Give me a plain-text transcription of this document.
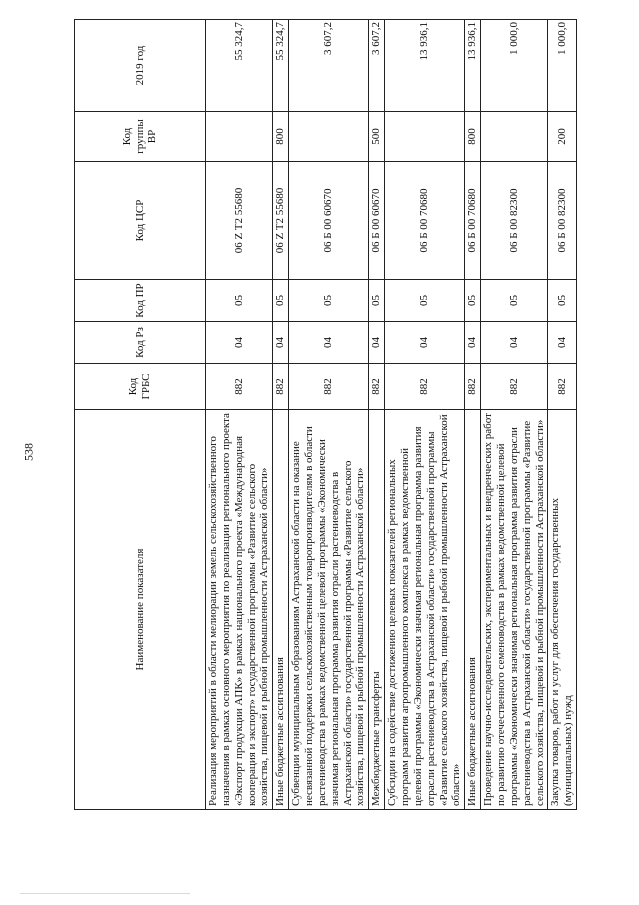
538
Наименование показателя	Код ГРБС	Код Рз	Код ПР	Код ЦСР	Код группы ВР	2019 год
Реализация мероприятий в области мелиорации земель сельскохозяйственного назначения в рамках основного мероприятия по реализации регионального проекта «Экспорт продукции АПК» в рамках национального проекта «Международная кооперация и экспорт» государственной программы «Развитие сельского хозяйства, пищевой и рыбной промышленности Астраханской области»	882	04	05	06 Z T2 55680		55 324,7
Иные бюджетные ассигнования	882	04	05	06 Z T2 55680	800	55 324,7
Субвенции муниципальным образованиям Астраханской области на оказание несвязанной поддержки сельскохозяйственным товаропроизводителям в области растениеводства в рамках ведомственной целевой программы «Экономически значимая региональная программа развития отрасли растениеводства в Астраханской области» государственной программы «Развитие сельского хозяйства, пищевой и рыбной промышленности Астраханской области»	882	04	05	06 Б 00 60670		3 607,2
Межбюджетные трансферты	882	04	05	06 Б 00 60670	500	3 607,2
Субсидии на содействие достижению целевых показателей региональных программ развития агропромышленного комплекса в рамках ведомственной целевой программы «Экономически значимая региональная программа развития отрасли растениеводства в Астраханской области» государственной программы «Развитие сельского хозяйства, пищевой и рыбной промышленности Астраханской области»	882	04	05	06 Б 00 70680		13 936,1
Иные бюджетные ассигнования	882	04	05	06 Б 00 70680	800	13 936,1
Проведение научно-исследовательских, экспериментальных и внедренческих работ по развитию отечественного семеноводства в рамках ведомственной целевой программы «Экономически значимая региональная программа развития отрасли растениеводства в Астраханской области» государственной программы «Развитие сельского хозяйства, пищевой и рыбной промышленности Астраханской области»	882	04	05	06 Б 00 82300		1 000,0
Закупка товаров, работ и услуг для обеспечения государственных (муниципальных) нужд	882	04	05	06 Б 00 82300	200	1 000,0
